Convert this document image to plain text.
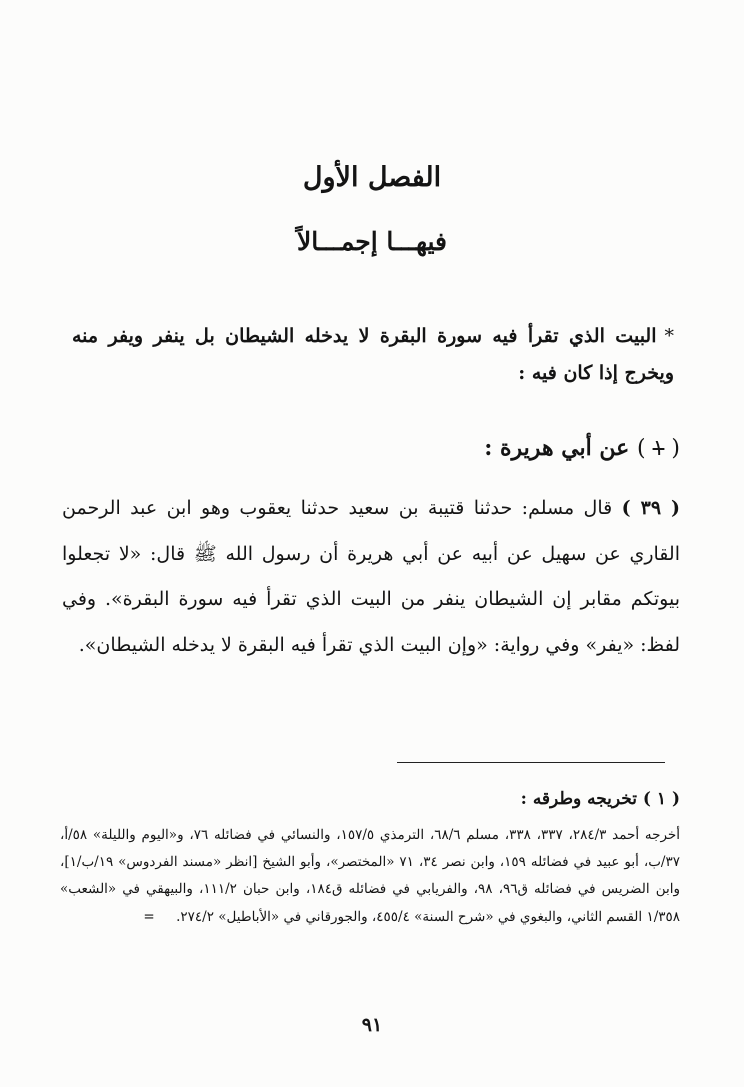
الفصل الأول
فيهـــا إجمـــالاً
*البيت الذي تقرأ فيه سورة البقرة لا يدخله الشيطان بل ينفر ويفر منه ويخرج إذا كان فيه :
( ١ ) عن أبي هريرة :
( ٣٩ ) قال مسلم: حدثنا قتيبة بن سعيد حدثنا يعقوب وهو ابن عبد الرحمن القاري عن سهيل عن أبيه عن أبي هريرة أن رسول الله ﷺ قال: «لا تجعلوا بيوتكم مقابر إن الشيطان ينفر من البيت الذي تقرأ فيه سورة البقرة». وفي لفظ: «يفر» وفي رواية: «وإن البيت الذي تقرأ فيه البقرة لا يدخله الشيطان».
( ١ ) تخريجه وطرقه :
أخرجه أحمد ٢٨٤/٣، ٣٣٧، ٣٣٨، مسلم ٦٨/٦، الترمذي ١٥٧/٥، والنسائي في فضائله ٧٦، و«اليوم والليلة» ٥٨/أ، ٣٧/ب، أبو عبيد في فضائله ١٥٩، وابن نصر ٣٤، ٧١ «المختصر»، وأبو الشيخ [انظر «مسند الفردوس» ١٩/ب/١]، وابن الضريس في فضائله ق٩٦، ٩٨، والفريابي في فضائله ق١٨٤، وابن حبان ١١١/٢، والبيهقي في «الشعب» ١/٣٥٨ القسم الثاني، والبغوي في «شرح السنة» ٤٥٥/٤، والجورقاني في «الأباطيل» ٢٧٤/٢.     =
٩١
